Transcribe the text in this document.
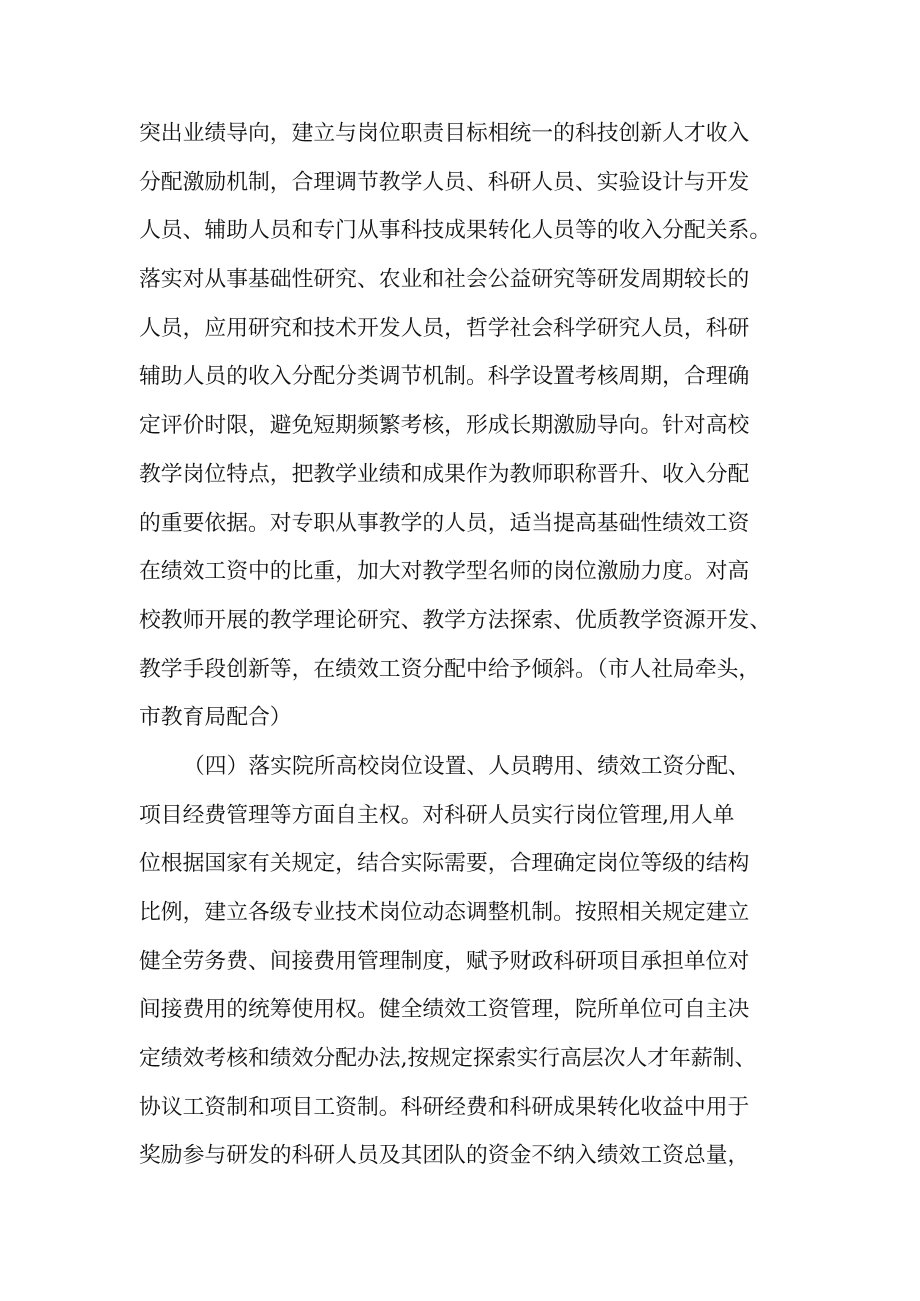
突出业绩导向，建立与岗位职责目标相统一的科技创新人才收入
分配激励机制，合理调节教学人员、科研人员、实验设计与开发
人员、辅助人员和专门从事科技成果转化人员等的收入分配关系。
落实对从事基础性研究、农业和社会公益研究等研发周期较长的
人员，应用研究和技术开发人员，哲学社会科学研究人员，科研
辅助人员的收入分配分类调节机制。科学设置考核周期，合理确
定评价时限，避免短期频繁考核，形成长期激励导向。针对高校
教学岗位特点，把教学业绩和成果作为教师职称晋升、收入分配
的重要依据。对专职从事教学的人员，适当提高基础性绩效工资
在绩效工资中的比重，加大对教学型名师的岗位激励力度。对高
校教师开展的教学理论研究、教学方法探索、优质教学资源开发、
教学手段创新等，在绩效工资分配中给予倾斜。（市人社局牵头，
市教育局配合）
（四）落实院所高校岗位设置、人员聘用、绩效工资分配、
项目经费管理等方面自主权。对科研人员实行岗位管理,用人单
位根据国家有关规定，结合实际需要，合理确定岗位等级的结构
比例，建立各级专业技术岗位动态调整机制。按照相关规定建立
健全劳务费、间接费用管理制度，赋予财政科研项目承担单位对
间接费用的统筹使用权。健全绩效工资管理，院所单位可自主决
定绩效考核和绩效分配办法,按规定探索实行高层次人才年薪制、
协议工资制和项目工资制。科研经费和科研成果转化收益中用于
奖励参与研发的科研人员及其团队的资金不纳入绩效工资总量，
